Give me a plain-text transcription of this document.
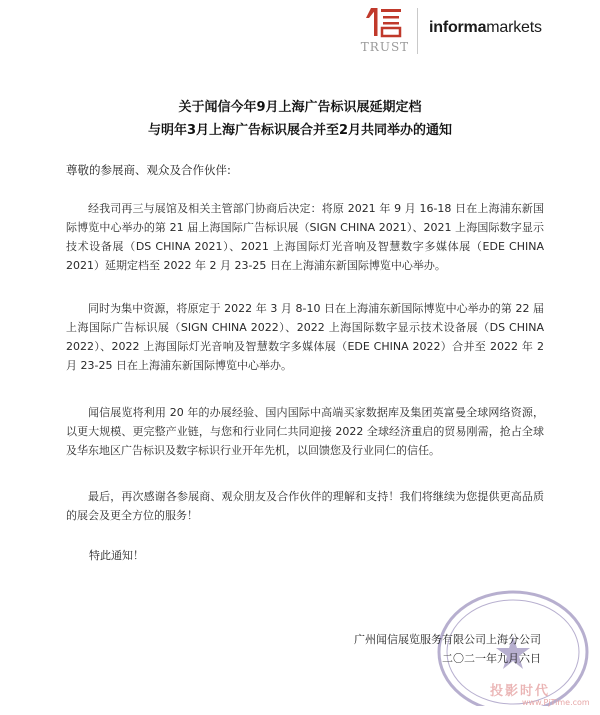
TRUST
informamarkets
关于闻信今年9月上海广告标识展延期定档
与明年3月上海广告标识展合并至2月共同举办的通知
尊敬的参展商、观众及合作伙伴:
经我司再三与展馆及相关主管部门协商后决定：将原 2021 年 9 月 16-18 日在上海浦东新国际博览中心举办的第 21 届上海国际广告标识展（SIGN CHINA 2021）、2021 上海国际数字显示技术设备展（DS CHINA 2021）、2021 上海国际灯光音响及智慧数字多媒体展（EDE CHINA 2021）延期定档至 2022 年 2 月 23-25 日在上海浦东新国际博览中心举办。
同时为集中资源，将原定于 2022 年 3 月 8-10 日在上海浦东新国际博览中心举办的第 22 届上海国际广告标识展（SIGN CHINA 2022）、2022 上海国际数字显示技术设备展（DS CHINA 2022）、2022 上海国际灯光音响及智慧数字多媒体展（EDE CHINA 2022）合并至 2022 年 2 月 23-25 日在上海浦东新国际博览中心举办。
闻信展览将利用 20 年的办展经验、国内国际中高端买家数据库及集团英富曼全球网络资源，以更大规模、更完整产业链，与您和行业同仁共同迎接 2022 全球经济重启的贸易刚需，抢占全球及华东地区广告标识及数字标识行业开年先机，以回馈您及行业同仁的信任。
最后，再次感谢各参展商、观众朋友及合作伙伴的理解和支持！我们将继续为您提供更高品质的展会及更全方位的服务！
特此通知！
广州闻信展览服务有限公司上海分公司
二〇二一年九月六日
投影时代
www.PjTime.com
